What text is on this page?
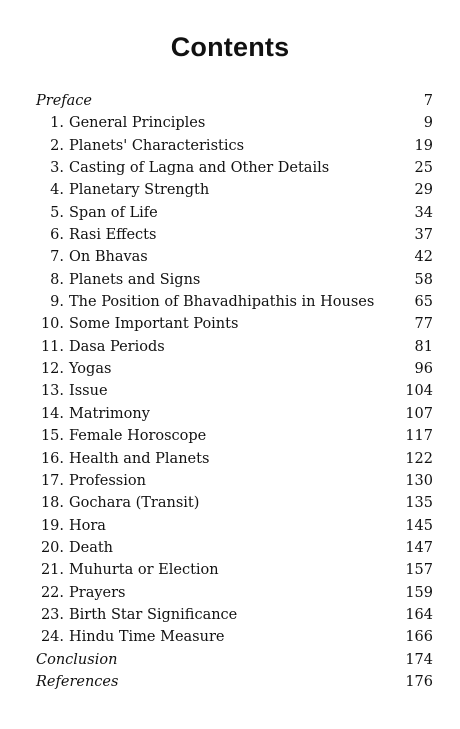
Contents
Preface	7
1. General Principles	9
2. Planets' Characteristics	19
3. Casting of Lagna and Other Details	25
4. Planetary Strength	29
5. Span of Life	34
6. Rasi Effects	37
7. On Bhavas	42
8. Planets and Signs	58
9. The Position of Bhavadhipathis in Houses	65
10. Some Important Points	77
11. Dasa Periods	81
12. Yogas	96
13. Issue	104
14. Matrimony	107
15. Female Horoscope	117
16. Health and Planets	122
17. Profession	130
18. Gochara (Transit)	135
19. Hora	145
20. Death	147
21. Muhurta or Election	157
22. Prayers	159
23. Birth Star Significance	164
24. Hindu Time Measure	166
Conclusion	174
References	176
